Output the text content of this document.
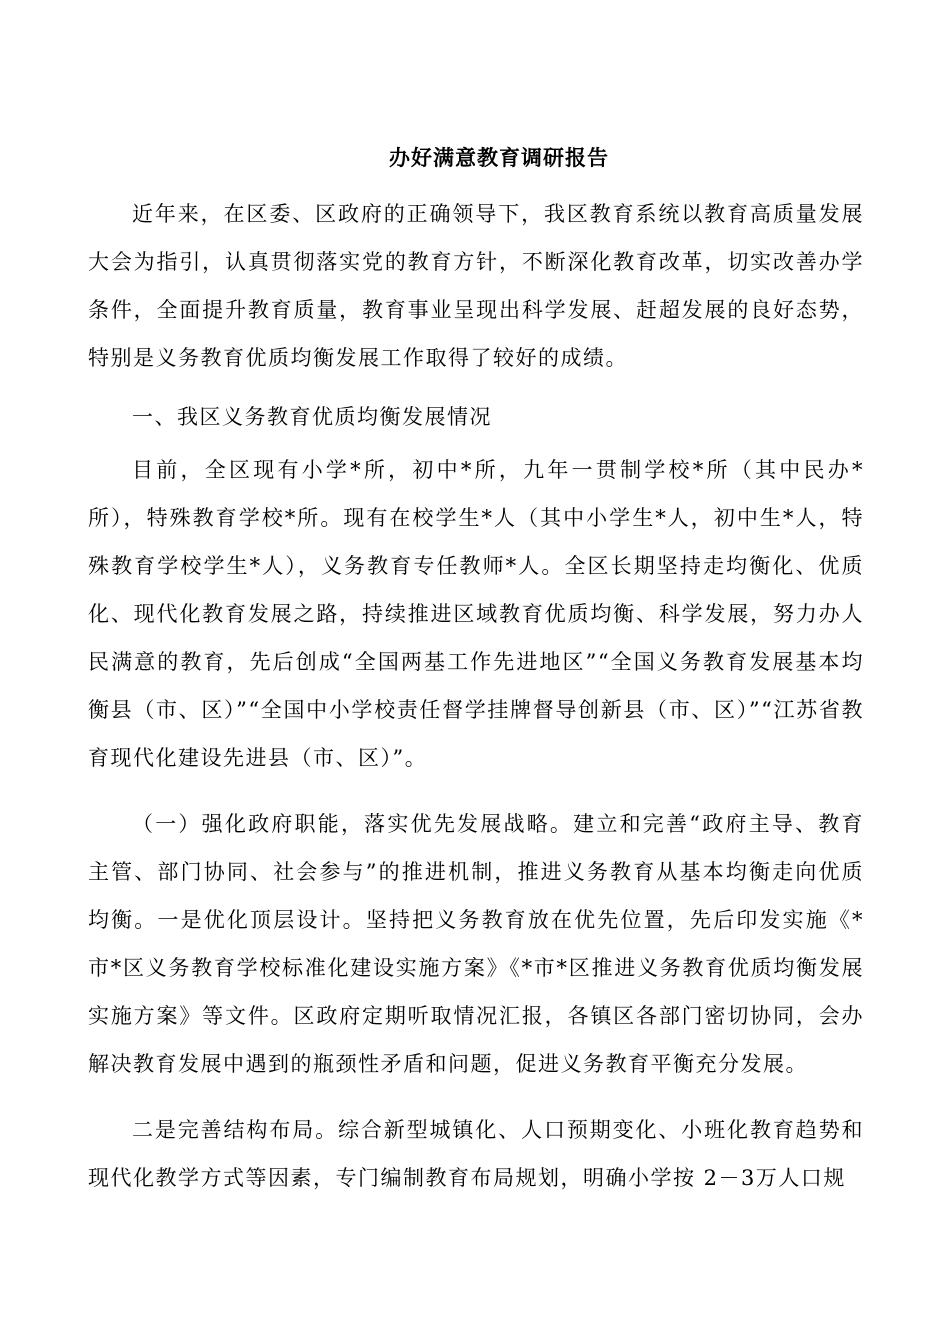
办好满意教育调研报告

近年来，在区委、区政府的正确领导下，我区教育系统以教育高质量发展大会为指引，认真贯彻落实党的教育方针，不断深化教育改革，切实改善办学条件，全面提升教育质量，教育事业呈现出科学发展、赶超发展的良好态势，特别是义务教育优质均衡发展工作取得了较好的成绩。

一、我区义务教育优质均衡发展情况

目前，全区现有小学*所，初中*所，九年一贯制学校*所（其中民办*所），特殊教育学校*所。现有在校学生*人（其中小学生*人，初中生*人，特殊教育学校学生*人），义务教育专任教师*人。全区长期坚持走均衡化、优质化、现代化教育发展之路，持续推进区域教育优质均衡、科学发展，努力办人民满意的教育，先后创成“全国两基工作先进地区”“全国义务教育发展基本均衡县（市、区）”“全国中小学校责任督学挂牌督导创新县（市、区）”“江苏省教育现代化建设先进县（市、区）”。

（一）强化政府职能，落实优先发展战略。建立和完善“政府主导、教育主管、部门协同、社会参与”的推进机制，推进义务教育从基本均衡走向优质均衡。一是优化顶层设计。坚持把义务教育放在优先位置，先后印发实施《*市*区义务教育学校标准化建设实施方案》《*市*区推进义务教育优质均衡发展实施方案》等文件。区政府定期听取情况汇报，各镇区各部门密切协同，会办解决教育发展中遇到的瓶颈性矛盾和问题，促进义务教育平衡充分发展。

二是完善结构布局。综合新型城镇化、人口预期变化、小班化教育趋势和现代化教学方式等因素，专门编制教育布局规划，明确小学按 2－3万人口规
